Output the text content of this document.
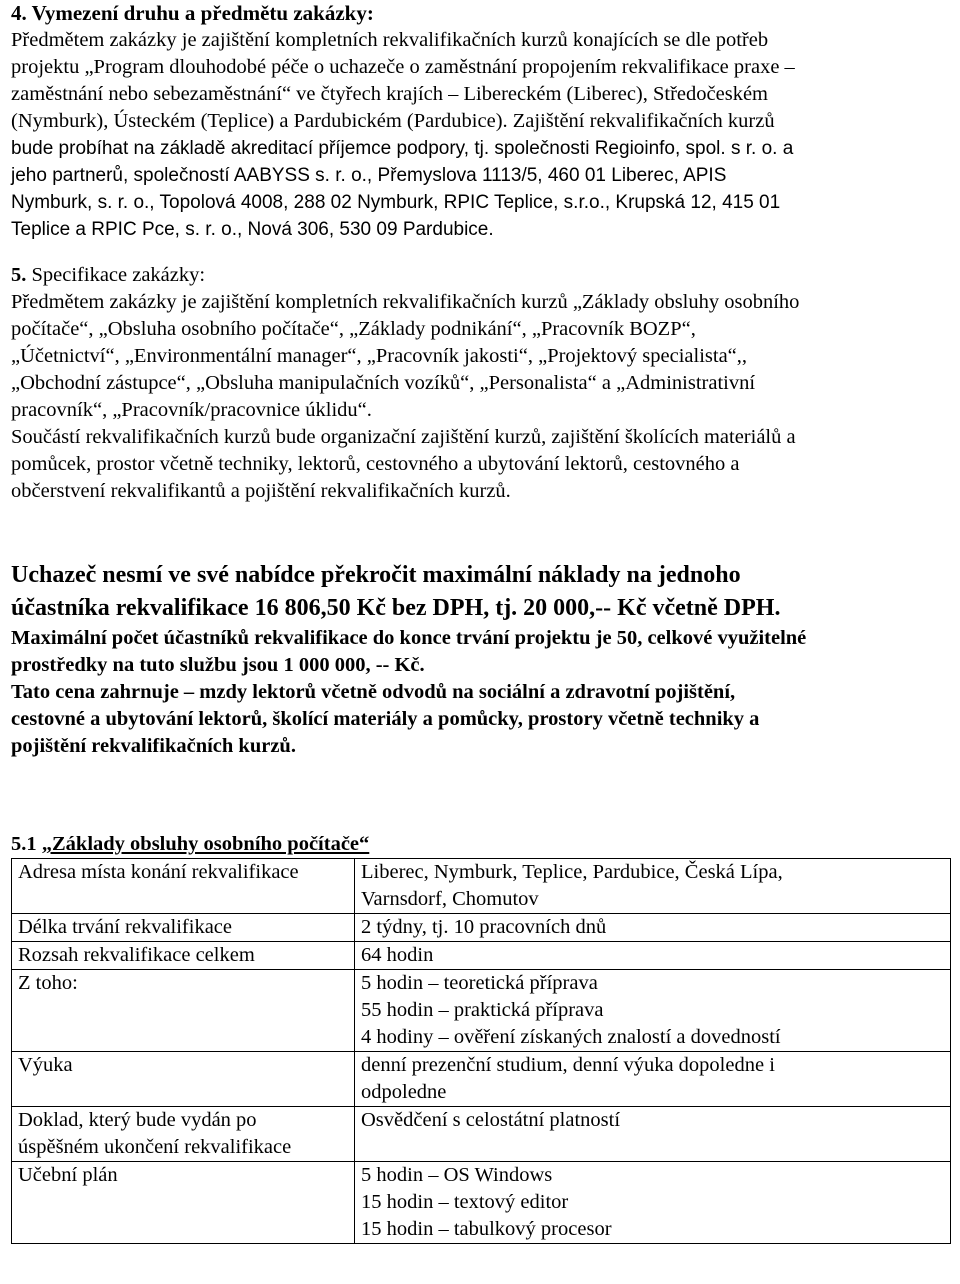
4. Vymezení druhu a předmětu zakázky:
Předmětem zakázky je zajištění kompletních rekvalifikačních kurzů konajících se dle potřeb
projektu „Program dlouhodobé péče o uchazeče o zaměstnání propojením rekvalifikace praxe –
zaměstnání nebo sebezaměstnání“ ve čtyřech krajích – Libereckém (Liberec), Středočeském
(Nymburk), Ústeckém (Teplice) a Pardubickém (Pardubice). Zajištění rekvalifikačních kurzů
bude probíhat na základě akreditací příjemce podpory, tj. společnosti Regioinfo, spol. s r. o. a
jeho partnerů, společností AABYSS s. r. o., Přemyslova 1113/5, 460 01 Liberec, APIS
Nymburk, s. r. o., Topolová 4008, 288 02 Nymburk, RPIC Teplice, s.r.o., Krupská 12, 415 01
Teplice a RPIC Pce, s. r. o., Nová 306, 530 09 Pardubice.
5. Specifikace zakázky:
Předmětem zakázky je zajištění kompletních rekvalifikačních kurzů „Základy obsluhy osobního
počítače“, „Obsluha osobního počítače“, „Základy podnikání“, „Pracovník BOZP“,
„Účetnictví“, „Environmentální manager“, „Pracovník jakosti“, „Projektový specialista“,,
„Obchodní zástupce“, „Obsluha manipulačních vozíků“, „Personalista“ a „Administrativní
pracovník“, „Pracovník/pracovnice úklidu“.
Součástí rekvalifikačních kurzů bude organizační zajištění kurzů, zajištění školících materiálů a
pomůcek, prostor včetně techniky, lektorů, cestovného a ubytování lektorů, cestovného a
občerstvení rekvalifikantů a pojištění rekvalifikačních kurzů.
Uchazeč nesmí ve své nabídce překročit maximální náklady na jednoho
účastníka rekvalifikace 16 806,50 Kč bez DPH, tj. 20 000,-- Kč včetně DPH.
Maximální počet účastníků rekvalifikace do konce trvání projektu je 50, celkové využitelné
prostředky na tuto službu jsou 1 000 000, -- Kč.
Tato cena zahrnuje – mzdy lektorů včetně odvodů na sociální a zdravotní pojištění,
cestovné a ubytování lektorů, školící materiály a pomůcky, prostory včetně techniky a
pojištění rekvalifikačních kurzů.
5.1 „Základy obsluhy osobního počítače“
Adresa místa konání rekvalifikace	Liberec, Nymburk, Teplice, Pardubice, Česká Lípa,
Varnsdorf, Chomutov

Délka trvání rekvalifikace	2 týdny, tj. 10 pracovních dnů

Rozsah rekvalifikace celkem	64 hodin

Z toho:	5 hodin – teoretická příprava
55 hodin – praktická příprava
4 hodiny – ověření získaných znalostí a dovedností

Výuka	denní prezenční studium, denní výuka dopoledne i
odpoledne

Doklad, který bude vydán po
úspěšném ukončení rekvalifikace	Osvědčení s celostátní platností

Učební plán	5 hodin – OS Windows
15 hodin – textový editor
15 hodin – tabulkový procesor
